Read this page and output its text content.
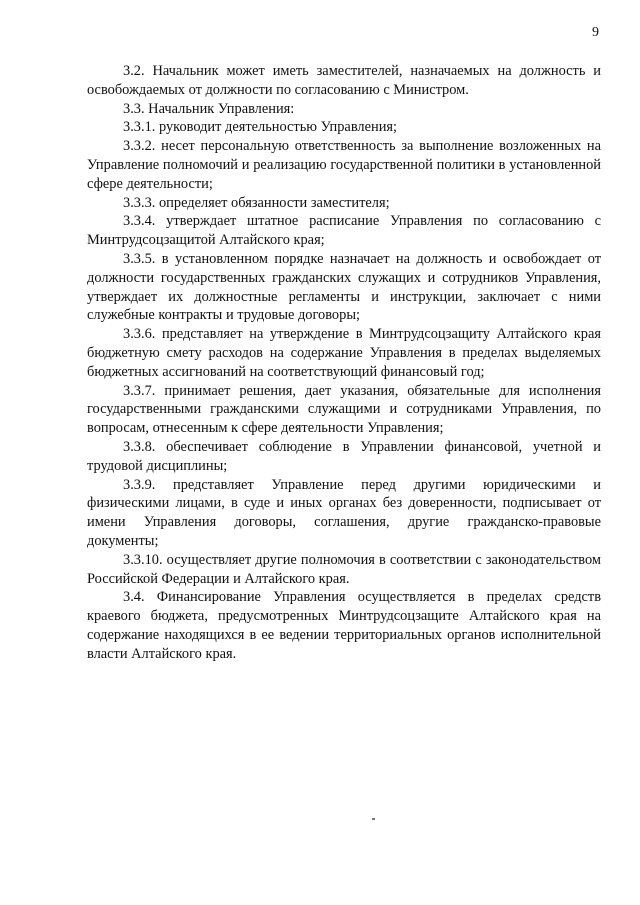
9

3.2. Начальник может иметь заместителей, назначаемых на должность и освобождаемых от должности по согласованию с Министром.

3.3. Начальник Управления:

3.3.1. руководит деятельностью Управления;

3.3.2. несет персональную ответственность за выполнение возложенных на Управление полномочий и реализацию государственной политики в установленной сфере деятельности;

3.3.3. определяет обязанности заместителя;

3.3.4. утверждает штатное расписание Управления по согласованию с Минтрудсоцзащитой Алтайского края;

3.3.5. в установленном порядке назначает на должность и освобождает от должности государственных гражданских служащих и сотрудников Управления, утверждает их должностные регламенты и инструкции, заключает с ними служебные контракты и трудовые договоры;

3.3.6. представляет на утверждение в Минтрудсоцзащиту Алтайского края бюджетную смету расходов на содержание Управления в пределах выделяемых бюджетных ассигнований на соответствующий финансовый год;

3.3.7. принимает решения, дает указания, обязательные для исполнения государственными гражданскими служащими и сотрудниками Управления, по вопросам, отнесенным к сфере деятельности Управления;

3.3.8. обеспечивает соблюдение в Управлении финансовой, учетной и трудовой дисциплины;

3.3.9. представляет Управление перед другими юридическими и физическими лицами, в суде и иных органах без доверенности, подписывает от имени Управления договоры, соглашения, другие гражданско-правовые документы;

3.3.10. осуществляет другие полномочия в соответствии с законодательством Российской Федерации и Алтайского края.

3.4. Финансирование Управления осуществляется в пределах средств краевого бюджета, предусмотренных Минтрудсоцзащите Алтайского края на содержание находящихся в ее ведении территориальных органов исполнительной власти Алтайского края.
